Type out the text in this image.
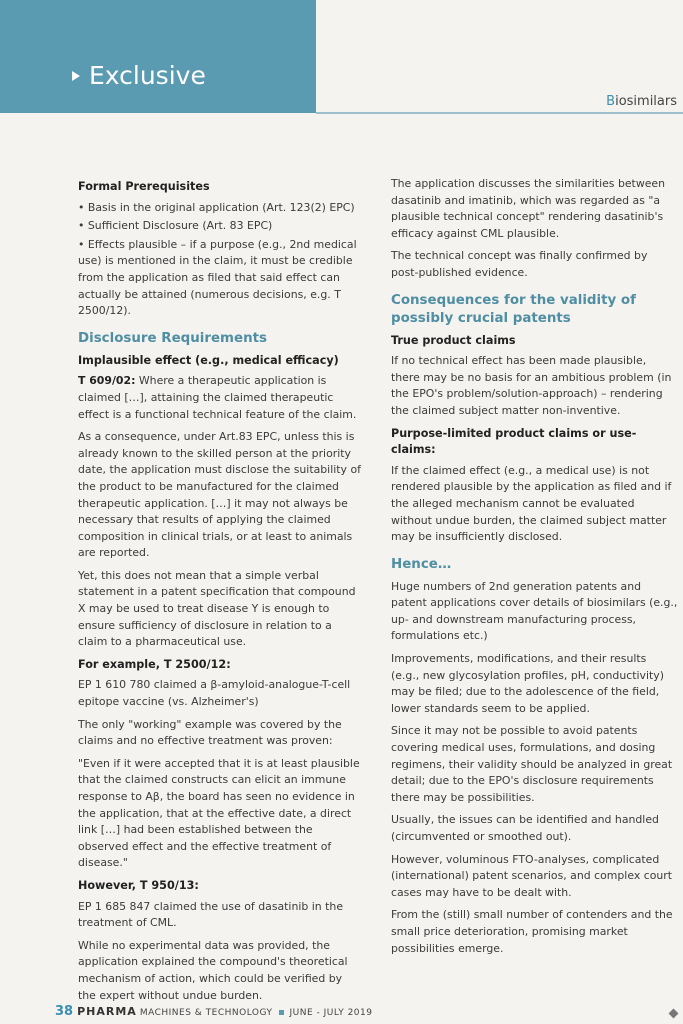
Exclusive
Biosimilars
Formal Prerequisites

• Basis in the original application (Art. 123(2) EPC)

• Sufficient Disclosure (Art. 83 EPC)

• Effects plausible – if a purpose (e.g., 2nd medical use) is mentioned in the claim, it must be credible from the application as filed that said effect can actually be attained (numerous decisions, e.g. T 2500/12).

Disclosure Requirements
Implausible effect (e.g., medical efficacy)

T 609/02: Where a therapeutic application is claimed […], attaining the claimed therapeutic effect is a functional technical feature of the claim.

As a consequence, under Art.83 EPC, unless this is already known to the skilled person at the priority date, the application must disclose the suitability of the product to be manufactured for the claimed therapeutic application. […] it may not always be necessary that results of applying the claimed composition in clinical trials, or at least to animals are reported.

Yet, this does not mean that a simple verbal statement in a patent specification that compound X may be used to treat disease Y is enough to ensure sufficiency of disclosure in relation to a claim to a pharmaceutical use.

For example, T 2500/12:

EP 1 610 780 claimed a β-amyloid-analogue-T-cell epitope vaccine (vs. Alzheimer's)

The only "working" example was covered by the claims and no effective treatment was proven:

"Even if it were accepted that it is at least plausible that the claimed constructs can elicit an immune response to Aβ, the board has seen no evidence in the application, that at the effective date, a direct link […] had been established between the observed effect and the effective treatment of disease."

However, T 950/13:

EP 1 685 847 claimed the use of dasatinib in the treatment of CML.

While no experimental data was provided, the application explained the compound's theoretical mechanism of action, which could be verified by the expert without undue burden.

The application discusses the similarities between dasatinib and imatinib, which was regarded as "a plausible technical concept" rendering dasatinib's efficacy against CML plausible.

The technical concept was finally confirmed by post-published evidence.

Consequences for the validity of possibly crucial patents
True product claims

If no technical effect has been made plausible, there may be no basis for an ambitious problem (in the EPO's problem/solution-approach) – rendering the claimed subject matter non-inventive.

Purpose-limited product claims or use-claims:

If the claimed effect (e.g., a medical use) is not rendered plausible by the application as filed and if the alleged mechanism cannot be evaluated without undue burden, the claimed subject matter may be insufficiently disclosed.

Hence…

Huge numbers of 2nd generation patents and patent applications cover details of biosimilars (e.g., up- and downstream manufacturing process, formulations etc.)

Improvements, modifications, and their results (e.g., new glycosylation profiles, pH, conductivity) may be filed; due to the adolescence of the field, lower standards seem to be applied.

Since it may not be possible to avoid patents covering medical uses, formulations, and dosing regimens, their validity should be analyzed in great detail; due to the EPO's disclosure requirements there may be possibilities.

Usually, the issues can be identified and handled (circumvented or smoothed out).

However, voluminous FTO-analyses, complicated (international) patent scenarios, and complex court cases may have to be dealt with.

From the (still) small number of contenders and the small price deterioration, promising market possibilities emerge.

38 PHARMA MACHINES & TECHNOLOGY JUNE - JULY 2019
